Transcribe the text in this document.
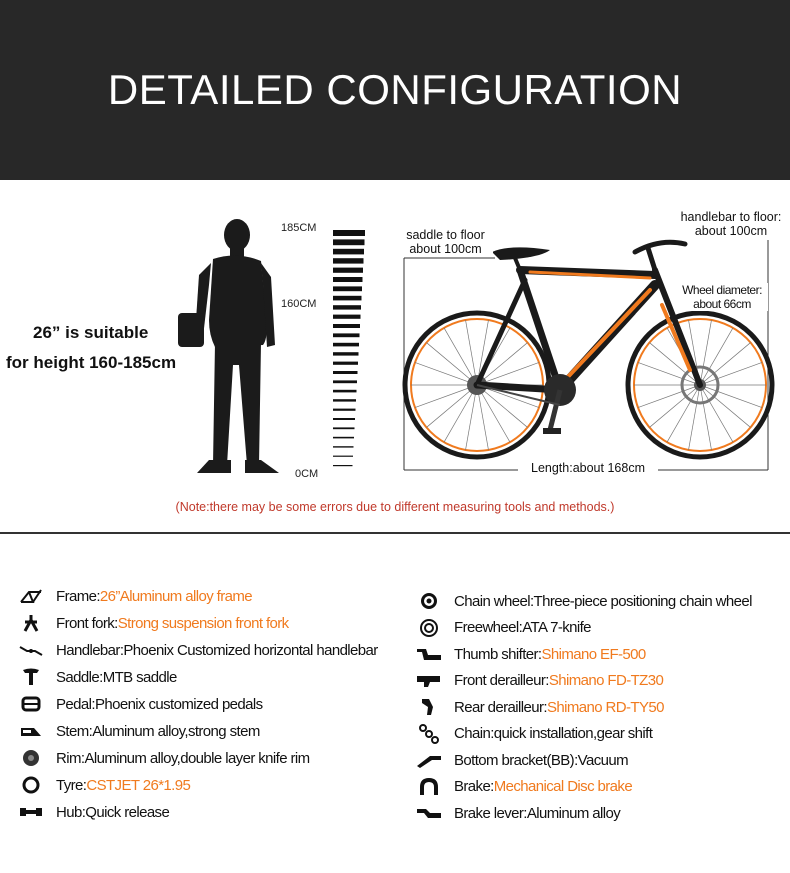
DETAILED CONFIGURATION
26” is suitable
for height 160-185cm
185CM
160CM
0CM
saddle to floor
about 100cm
handlebar to floor:
about 100cm
Wheel diameter:
about 66cm
Length:about 168cm
(Note:there may be some errors due to different measuring tools and methods.)
Frame: 26”Aluminum alloy frame
Front fork: Strong suspension front fork
Handlebar: Phoenix Customized horizontal handlebar
Saddle: MTB saddle
Pedal: Phoenix customized pedals
Stem: Aluminum alloy,strong stem
Rim: Aluminum alloy,double layer knife rim
Tyre: CSTJET 26*1.95
Hub: Quick release
Chain wheel: Three-piece positioning chain wheel
Freewheel: ATA 7-knife
Thumb shifter: Shimano EF-500
Front derailleur: Shimano FD-TZ30
Rear derailleur: Shimano RD-TY50
Chain: quick installation,gear shift
Bottom bracket(BB): Vacuum
Brake: Mechanical Disc brake
Brake lever: Aluminum alloy
